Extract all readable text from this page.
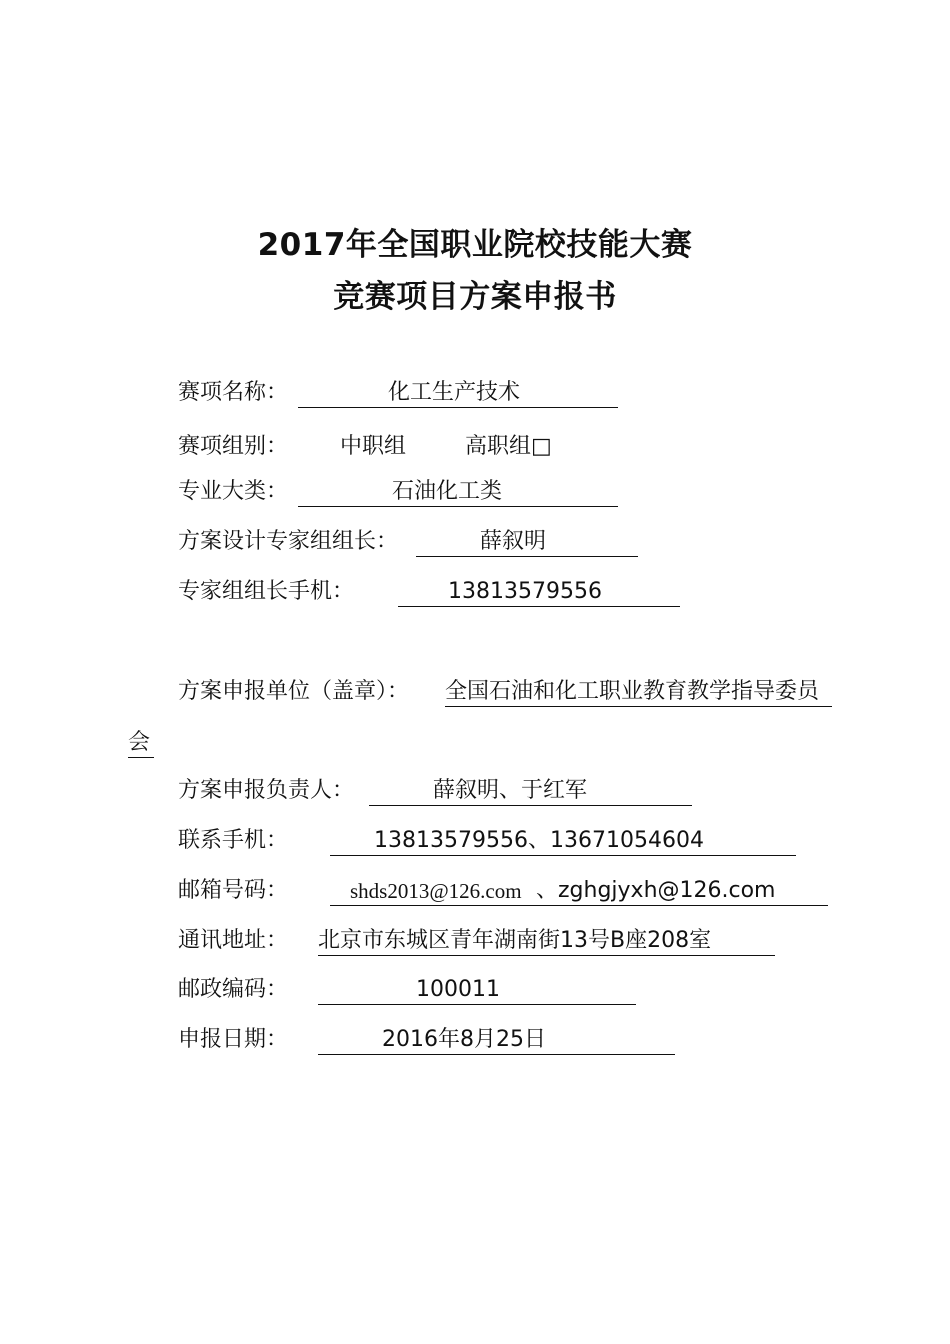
2017年全国职业院校技能大赛
竞赛项目方案申报书
赛项名称：	化工生产技术
赛项组别： 中职组	高职组 □
专业大类：	石油化工类
方案设计专家组组长：	薛叙明
专家组组长手机：	13813579556
方案申报单位（盖章）： 全国石油和化工职业教育教学指导委员
会
方案申报负责人：	薛叙明、于红军
联系手机：	13813579556、13671054604
邮箱号码：	shds2013@126.com 、zghgjyxh@126.com
通讯地址： 北京市东城区青年湖南街13号B座208室
邮政编码：	100011
申报日期：	2016年8月25日
